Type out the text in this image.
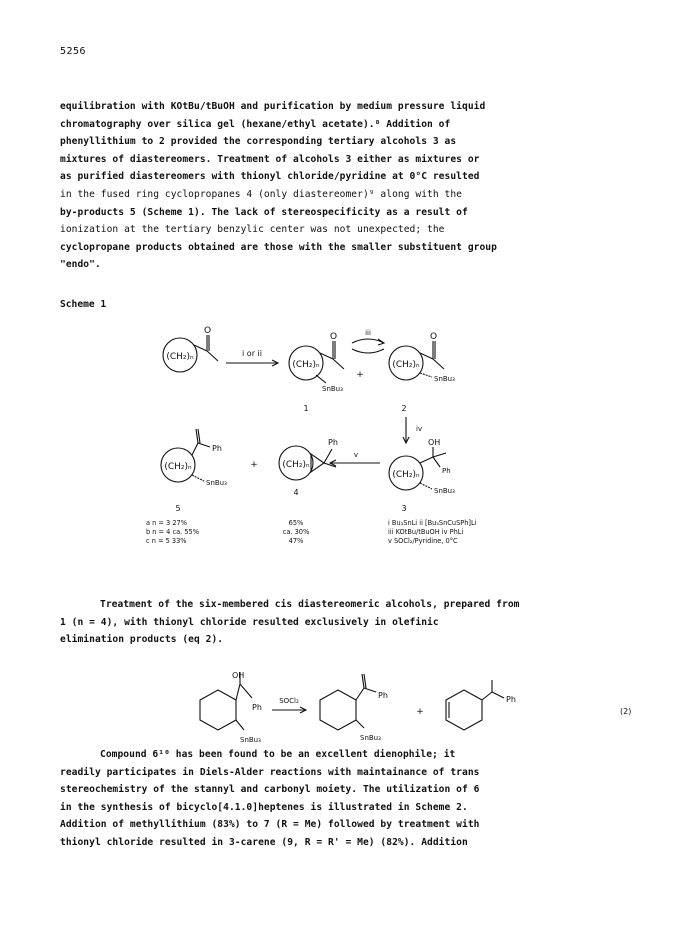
5256
equilibration with KOtBu/tBuOH and purification by medium pressure liquid
chromatography over silica gel (hexane/ethyl acetate).⁸ Addition of
phenyllithium to 2 provided the corresponding tertiary alcohols 3 as
mixtures of diastereomers. Treatment of alcohols 3 either as mixtures or
as purified diastereomers with thionyl chloride/pyridine at 0°C resulted
in the fused ring cyclopropanes 4 (only diastereomer)⁹ along with the
by-products 5 (Scheme 1). The lack of stereospecificity as a result of
ionization at the tertiary benzylic center was not unexpected; the
cyclopropane products obtained are those with the smaller substituent group
"endo".
Scheme 1
(CH₂)ₙ
O
i or ii
(CH₂)ₙ
O
SnBu₃
1
+
iii
(CH₂)ₙ
O
SnBu₃
2
iv
(CH₂)ₙ
OH
Ph
SnBu₃
3
v
(CH₂)ₙ
Ph
4
+
(CH₂)ₙ
Ph
SnBu₃
5
a n = 3 27%
b n = 4 ca. 55%
c n = 5 33%
65%
ca. 30%
47%
i Bu₃SnLi ii [Bu₃SnCuSPh]Li
iii KOtBu/tBuOH iv PhLi
v SOCl₂/Pyridine, 0°C
Treatment of the six-membered cis diastereomeric alcohols, prepared from
1 (n = 4), with thionyl chloride resulted exclusively in olefinic
elimination products (eq 2).
OH
Ph
SnBu₃
SOCl₂
Ph
SnBu₃
+
Ph
(2)
Compound 6¹⁰ has been found to be an excellent dienophile; it
readily participates in Diels-Alder reactions with maintainance of trans
stereochemistry of the stannyl and carbonyl moiety. The utilization of 6
in the synthesis of bicyclo[4.1.0]heptenes is illustrated in Scheme 2.
Addition of methyllithium (83%) to 7 (R = Me) followed by treatment with
thionyl chloride resulted in 3-carene (9, R = R' = Me) (82%). Addition
